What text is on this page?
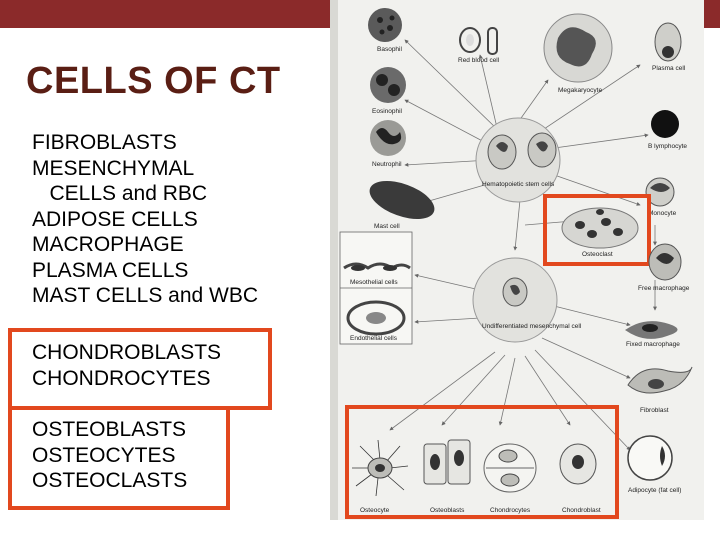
CELLS OF CT
FIBROBLASTS
MESENCHYMAL
CELLS and RBC
ADIPOSE CELLS
MACROPHAGE
PLASMA CELLS
MAST CELLS and WBC
CHONDROBLASTS
CHONDROCYTES
OSTEOBLASTS
OSTEOCYTES
OSTEOCLASTS
Basophil
Red blood cell
Megakaryocyte
Plasma cell
Eosinophil
Neutrophil
B lymphocyte
Hematopoietic stem cells
Mast cell
Monocyte
Osteoclast
Free macrophage
Mesothelial cells
Endothelial cells
Undifferentiated mesenchymal cell
Fixed macrophage
Fibroblast
Adipocyte (fat cell)
Osteocyte	Osteoblasts	Chondrocytes	Chondroblast
